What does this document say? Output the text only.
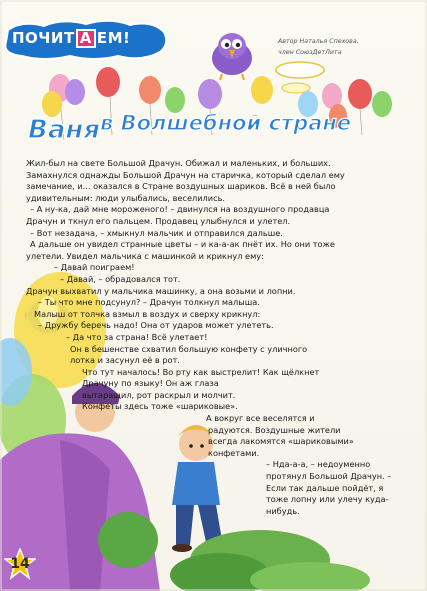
ПОЧИТ А ЕМ!	Автор Наталья Спехова,
член СоюзДетЛита
Ваня в Волшебной стране

Жил-был на свете Большой Драчун. Обижал и маленьких, и больших.

Замахнулся однажды Большой Драчун на старичка, который сделал ему

замечание, и... оказался в Стране воздушных шариков. Всё в ней было

удивительным: люди улыбались, веселились.

– А ну-ка, дай мне мороженого! – двинулся на воздушного продавца

Драчун и ткнул его пальцем. Продавец улыбнулся и улетел.

– Вот незадача, – хмыкнул мальчик и отправился дальше.

А дальше он увидел странные цветы – и ка-а-ак пнёт их. Но они тоже

улетели. Увидел мальчика с машинкой и крикнул ему:

– Давай поиграем!

– Давай, – обрадовался тот.

Драчун выхватил у мальчика машинку, а она возьми и лопни.

– Ты что мне подсунул? – Драчун толкнул малыша.

Малыш от толчка взмыл в воздух и сверху крикнул:

– Дружбу беречь надо! Она от ударов может улететь.

– Да что за страна! Всё улетает!

Он в бешенстве схватил большую конфету с уличного

лотка и засунул её в рот.

Что тут началось! Во рту как выстрелит! Как щёлкнет

Драчуну по языку! Он аж глаза

вытаращил, рот раскрыл и молчит.

Конфеты здесь тоже «шариковые».

А вокруг все веселятся и

радуются. Воздушные жители

всегда лакомятся «шариковыми»

конфетами.

– Нда-а-а, – недоуменно

протянул Большой Драчун. –

Если так дальше пойдёт, я

тоже лопну или улечу куда-

нибудь.

14
